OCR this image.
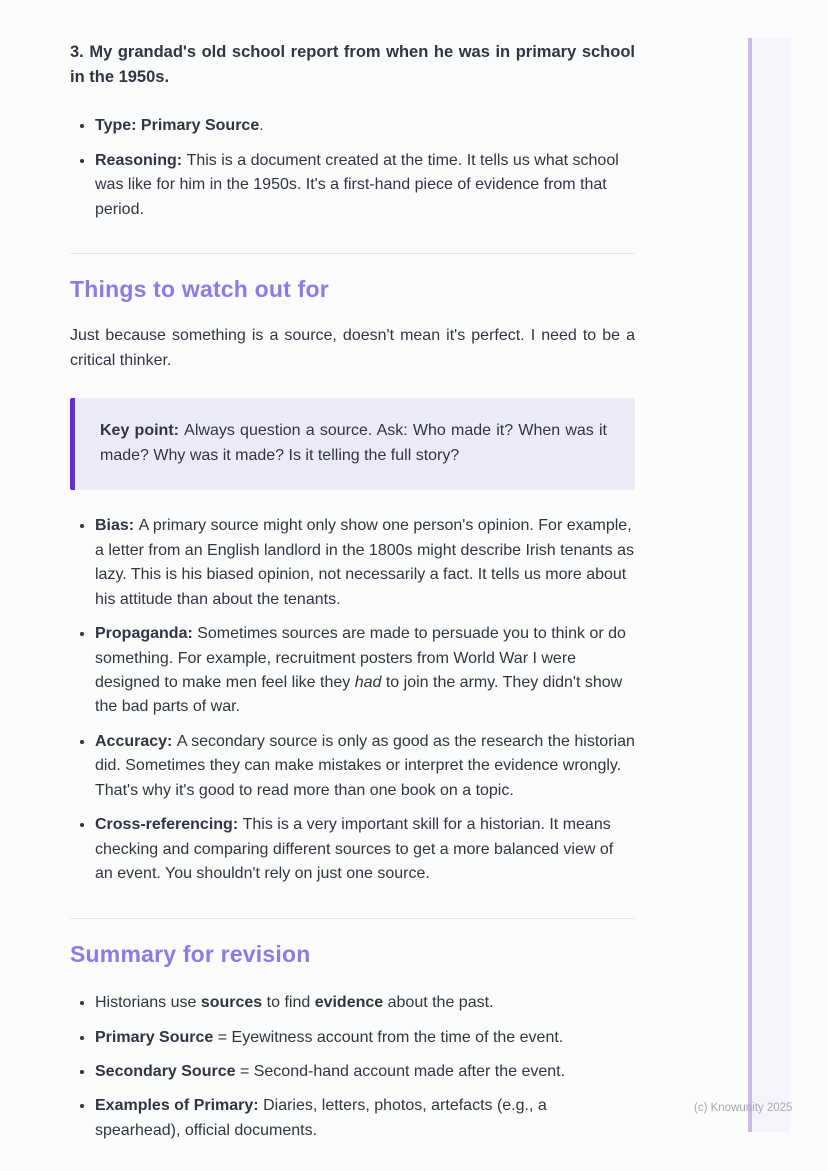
3. My grandad's old school report from when he was in primary school in the 1950s.

• Type: Primary Source.
• Reasoning: This is a document created at the time. It tells us what school was like for him in the 1950s. It's a first-hand piece of evidence from that period.
Things to watch out for

Just because something is a source, doesn't mean it's perfect. I need to be a critical thinker.

Key point: Always question a source. Ask: Who made it? When was it made? Why was it made? Is it telling the full story?

• Bias: A primary source might only show one person's opinion. For example, a letter from an English landlord in the 1800s might describe Irish tenants as lazy. This is his biased opinion, not necessarily a fact. It tells us more about his attitude than about the tenants.
• Propaganda: Sometimes sources are made to persuade you to think or do something. For example, recruitment posters from World War I were designed to make men feel like they had to join the army. They didn't show the bad parts of war.
• Accuracy: A secondary source is only as good as the research the historian did. Sometimes they can make mistakes or interpret the evidence wrongly. That's why it's good to read more than one book on a topic.
• Cross-referencing: This is a very important skill for a historian. It means checking and comparing different sources to get a more balanced view of an event. You shouldn't rely on just one source.
Summary for revision
• Historians use sources to find evidence about the past.
• Primary Source = Eyewitness account from the time of the event.
• Secondary Source = Second-hand account made after the event.
• Examples of Primary: Diaries, letters, photos, artefacts (e.g., a spearhead), official documents.
(c) Knowunity 2025
